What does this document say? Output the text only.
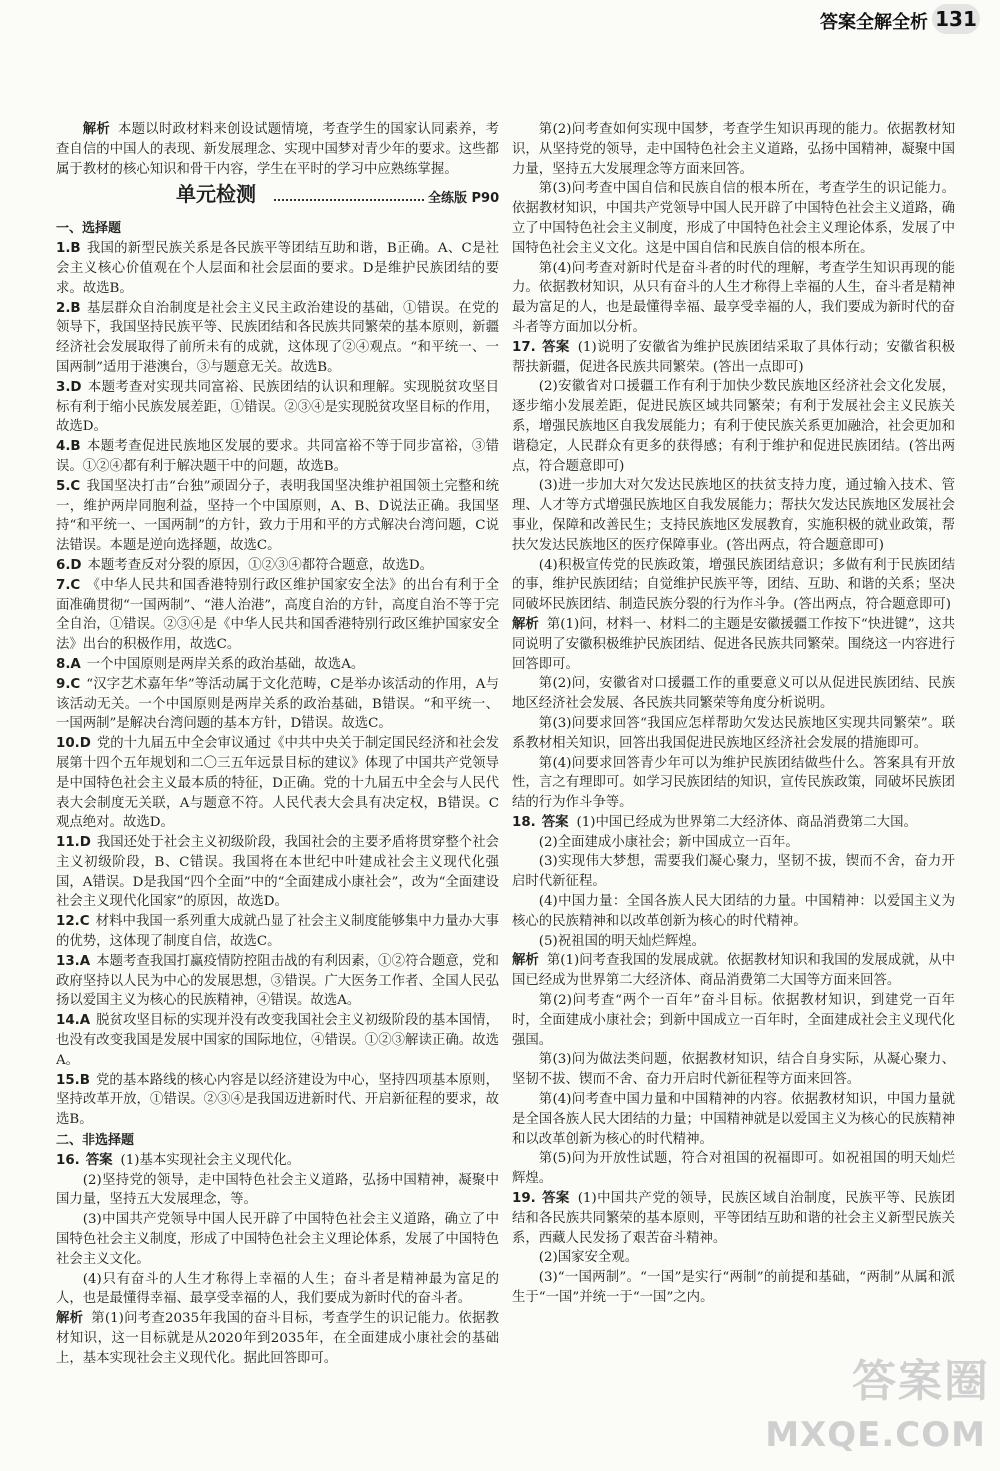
答案全解全析 131

解析 本题以时政材料来创设试题情境，考查学生的国家认同素养，考查自信的中国人的表现、新发展理念、实现中国梦对青少年的要求。这些都属于教材的核心知识和骨干内容，学生在平时的学习中应熟练掌握。

单元检测	全练版 P90
一、选择题
1.B 我国的新型民族关系是各民族平等团结互助和谐，B正确。A、C是社会主义核心价值观在个人层面和社会层面的要求。D是维护民族团结的要求。故选B。
2.B 基层群众自治制度是社会主义民主政治建设的基础，①错误。在党的领导下，我国坚持民族平等、民族团结和各民族共同繁荣的基本原则，新疆经济社会发展取得了前所未有的成就，这体现了②④观点。“和平统一、一国两制”适用于港澳台，③与题意无关。故选B。
3.D 本题考查对实现共同富裕、民族团结的认识和理解。实现脱贫攻坚目标有利于缩小民族发展差距，①错误。②③④是实现脱贫攻坚目标的作用，故选D。
4.B 本题考查促进民族地区发展的要求。共同富裕不等于同步富裕，③错误。①②④都有利于解决题干中的问题，故选B。
5.C 我国坚决打击“台独”顽固分子，表明我国坚决维护祖国领土完整和统一，维护两岸同胞利益，坚持一个中国原则，A、B、D说法正确。我国坚持“和平统一、一国两制”的方针，致力于用和平的方式解决台湾问题，C说法错误。本题是逆向选择题，故选C。
6.D 本题考查反对分裂的原因，①②③④都符合题意，故选D。
7.C 《中华人民共和国香港特别行政区维护国家安全法》的出台有利于全面准确贯彻“一国两制”、“港人治港”，高度自治的方针，高度自治不等于完全自治，①错误。②③④是《中华人民共和国香港特别行政区维护国家安全法》出台的积极作用，故选C。
8.A 一个中国原则是两岸关系的政治基础，故选A。
9.C “汉字艺术嘉年华”等活动属于文化范畴，C是举办该活动的作用，A与该活动无关。一个中国原则是两岸关系的政治基础，B错误。“和平统一、一国两制”是解决台湾问题的基本方针，D错误。故选C。
10.D 党的十九届五中全会审议通过《中共中央关于制定国民经济和社会发展第十四个五年规划和二〇三五年远景目标的建议》体现了中国共产党领导是中国特色社会主义最本质的特征，D正确。党的十九届五中全会与人民代表大会制度无关联，A与题意不符。人民代表大会具有决定权，B错误。C观点绝对。故选D。
11.D 我国还处于社会主义初级阶段，我国社会的主要矛盾将贯穿整个社会主义初级阶段，B、C错误。我国将在本世纪中叶建成社会主义现代化强国，A错误。D是我国“四个全面”中的“全面建成小康社会”，改为“全面建设社会主义现代化国家”的原因，故选D。
12.C 材料中我国一系列重大成就凸显了社会主义制度能够集中力量办大事的优势，这体现了制度自信，故选C。
13.A 本题考查我国打赢疫情防控阻击战的有利因素，①②符合题意，党和政府坚持以人民为中心的发展思想，③错误。广大医务工作者、全国人民弘扬以爱国主义为核心的民族精神，④错误。故选A。
14.A 脱贫攻坚目标的实现并没有改变我国社会主义初级阶段的基本国情，也没有改变我国是发展中国家的国际地位，④错误。①②③解读正确。故选A。
15.B 党的基本路线的核心内容是以经济建设为中心，坚持四项基本原则，坚持改革开放，①错误。②③④是我国迈进新时代、开启新征程的要求，故选B。
二、非选择题
16. 答案 (1)基本实现社会主义现代化。

(2)坚持党的领导，走中国特色社会主义道路，弘扬中国精神，凝聚中国力量，坚持五大发展理念，等。

(3)中国共产党领导中国人民开辟了中国特色社会主义道路，确立了中国特色社会主义制度，形成了中国特色社会主义理论体系，发展了中国特色社会主义文化。

(4)只有奋斗的人生才称得上幸福的人生；奋斗者是精神最为富足的人，也是最懂得幸福、最享受幸福的人，我们要成为新时代的奋斗者。

解析 第(1)问考查2035年我国的奋斗目标，考查学生的识记能力。依据教材知识，这一目标就是从2020年到2035年，在全面建成小康社会的基础上，基本实现社会主义现代化。据此回答即可。

第(2)问考查如何实现中国梦，考查学生知识再现的能力。依据教材知识，从坚持党的领导，走中国特色社会主义道路，弘扬中国精神，凝聚中国力量，坚持五大发展理念等方面来回答。

第(3)问考查中国自信和民族自信的根本所在，考查学生的识记能力。依据教材知识，中国共产党领导中国人民开辟了中国特色社会主义道路，确立了中国特色社会主义制度，形成了中国特色社会主义理论体系，发展了中国特色社会主义文化。这是中国自信和民族自信的根本所在。

第(4)问考查对新时代是奋斗者的时代的理解，考查学生知识再现的能力。依据教材知识，从只有奋斗的人生才称得上幸福的人生，奋斗者是精神最为富足的人，也是最懂得幸福、最享受幸福的人，我们要成为新时代的奋斗者等方面加以分析。

17. 答案 (1)说明了安徽省为维护民族团结采取了具体行动；安徽省积极帮扶新疆，促进各民族共同繁荣。(答出一点即可)

(2)安徽省对口援疆工作有利于加快少数民族地区经济社会文化发展，逐步缩小发展差距，促进民族区域共同繁荣；有利于发展社会主义民族关系，增强民族地区自我发展能力；有利于使民族关系更加融洽，社会更加和谐稳定，人民群众有更多的获得感；有利于维护和促进民族团结。(答出两点，符合题意即可)

(3)进一步加大对欠发达民族地区的扶贫支持力度，通过输入技术、管理、人才等方式增强民族地区自我发展能力；帮扶欠发达民族地区发展社会事业，保障和改善民生；支持民族地区发展教育，实施积极的就业政策，帮扶欠发达民族地区的医疗保障事业。(答出两点，符合题意即可)

(4)积极宣传党的民族政策，增强民族团结意识；多做有利于民族团结的事，维护民族团结；自觉维护民族平等，团结、互助、和谐的关系；坚决同破坏民族团结、制造民族分裂的行为作斗争。(答出两点，符合题意即可)

解析 第(1)问，材料一、材料二的主题是安徽援疆工作按下“快进键”，这共同说明了安徽积极维护民族团结、促进各民族共同繁荣。围绕这一内容进行回答即可。

第(2)问，安徽省对口援疆工作的重要意义可以从促进民族团结、民族地区经济社会发展、各民族共同繁荣等角度分析说明。

第(3)问要求回答“我国应怎样帮助欠发达民族地区实现共同繁荣”。联系教材相关知识，回答出我国促进民族地区经济社会发展的措施即可。

第(4)问要求回答青少年可以为维护民族团结做些什么。答案具有开放性，言之有理即可。如学习民族团结的知识，宣传民族政策，同破坏民族团结的行为作斗争等。

18. 答案 (1)中国已经成为世界第二大经济体、商品消费第二大国。

(2)全面建成小康社会；新中国成立一百年。

(3)实现伟大梦想，需要我们凝心聚力，坚韧不拔，锲而不舍，奋力开启时代新征程。

(4)中国力量：全国各族人民大团结的力量。中国精神：以爱国主义为核心的民族精神和以改革创新为核心的时代精神。

(5)祝祖国的明天灿烂辉煌。

解析 第(1)问考查我国的发展成就。依据教材知识和我国的发展成就，从中国已经成为世界第二大经济体、商品消费第二大国等方面来回答。

第(2)问考查“两个一百年”奋斗目标。依据教材知识，到建党一百年时，全面建成小康社会；到新中国成立一百年时，全面建成社会主义现代化强国。

第(3)问为做法类问题，依据教材知识，结合自身实际，从凝心聚力、坚韧不拔、锲而不舍、奋力开启时代新征程等方面来回答。

第(4)问考查中国力量和中国精神的内容。依据教材知识，中国力量就是全国各族人民大团结的力量；中国精神就是以爱国主义为核心的民族精神和以改革创新为核心的时代精神。

第(5)问为开放性试题，符合对祖国的祝福即可。如祝祖国的明天灿烂辉煌。

19. 答案 (1)中国共产党的领导，民族区域自治制度，民族平等、民族团结和各民族共同繁荣的基本原则，平等团结互助和谐的社会主义新型民族关系，西藏人民发扬了艰苦奋斗精神。

(2)国家安全观。

(3)“一国两制”。“一国”是实行“两制”的前提和基础，“两制”从属和派生于“一国”并统一于“一国”之内。

答案圈
MXQE.COM
